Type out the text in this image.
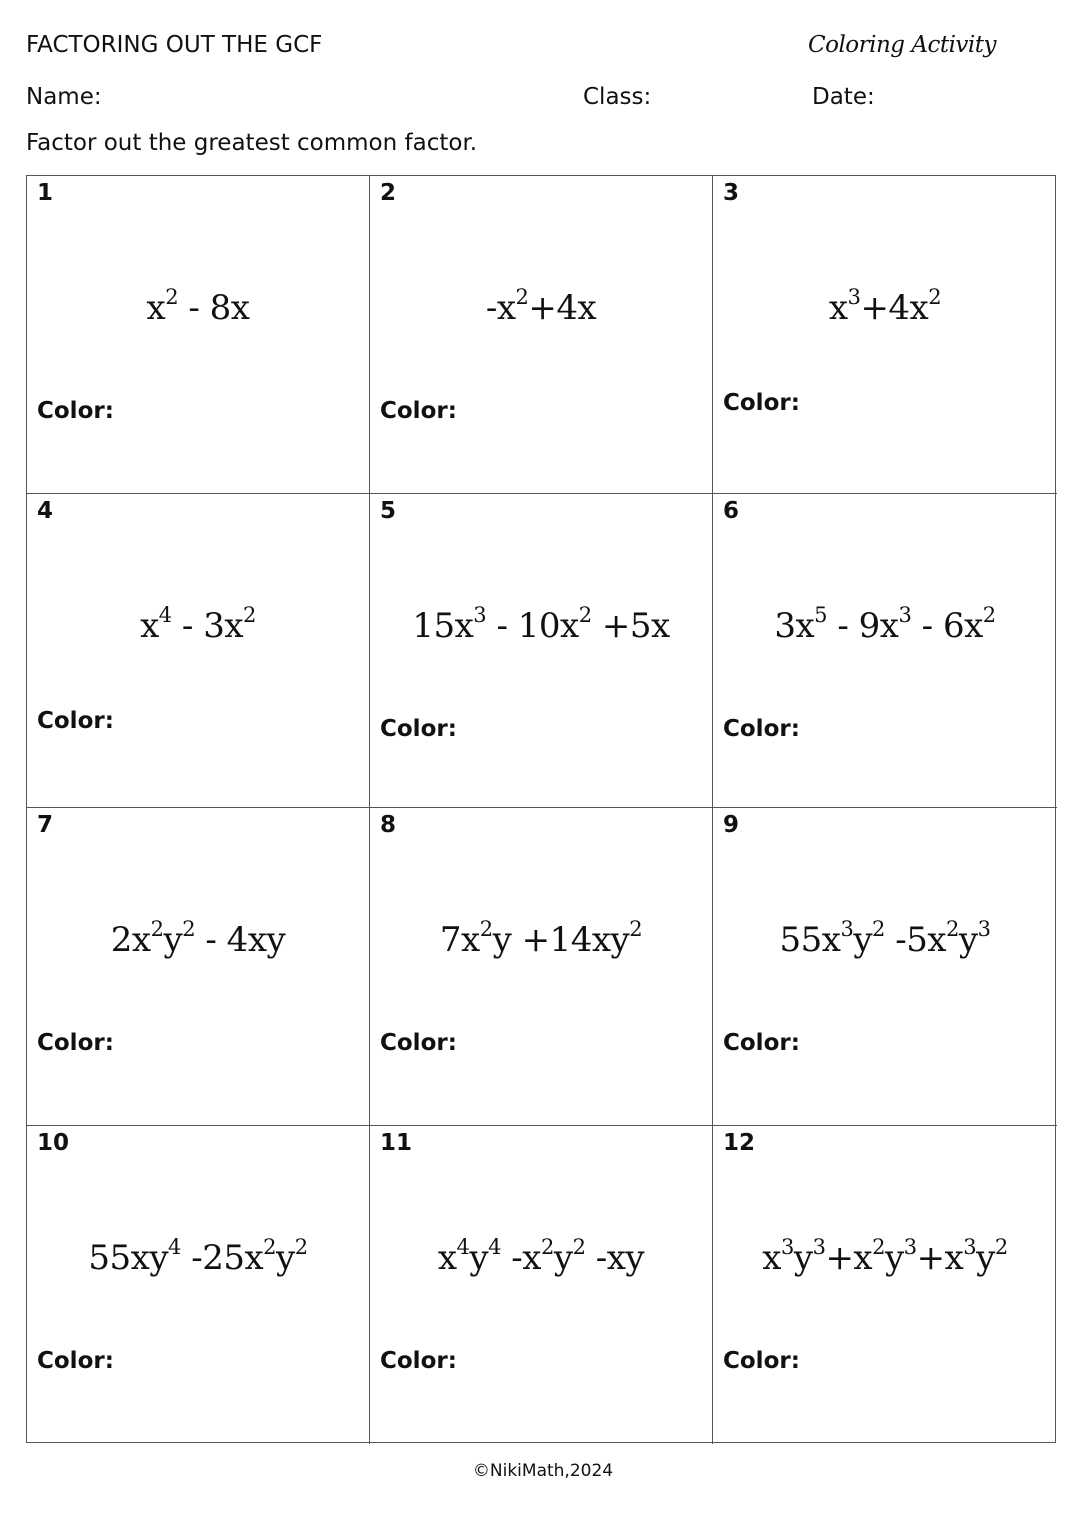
FACTORING OUT THE GCF	Coloring Activity
Name:	Class:	Date:
Factor out the greatest common factor.
1
$x^2 - 8x$
Color:
2
$-x^2+4x$
Color:
3
$x^3+4x^2$
Color:
4
$x^4 - 3x^2$
Color:
5
$15x^3 - 10x^2 +5x$
Color:
6
$3x^5 - 9x^3 - 6x^2$
Color:
7
$2x^2y^2 - 4xy$
Color:
8
$7x^2y +14xy^2$
Color:
9
$55x^3y^2$ $-5x^2y^3$
Color:
10
$55xy^4$ $-25x^2y^2$
Color:
11
$x^4y^4$ $-x^2y^2$ -xy
Color:
12
$x^3y^3+x^2y^3+x^3y^2$
Color:
©NikiMath,2024
